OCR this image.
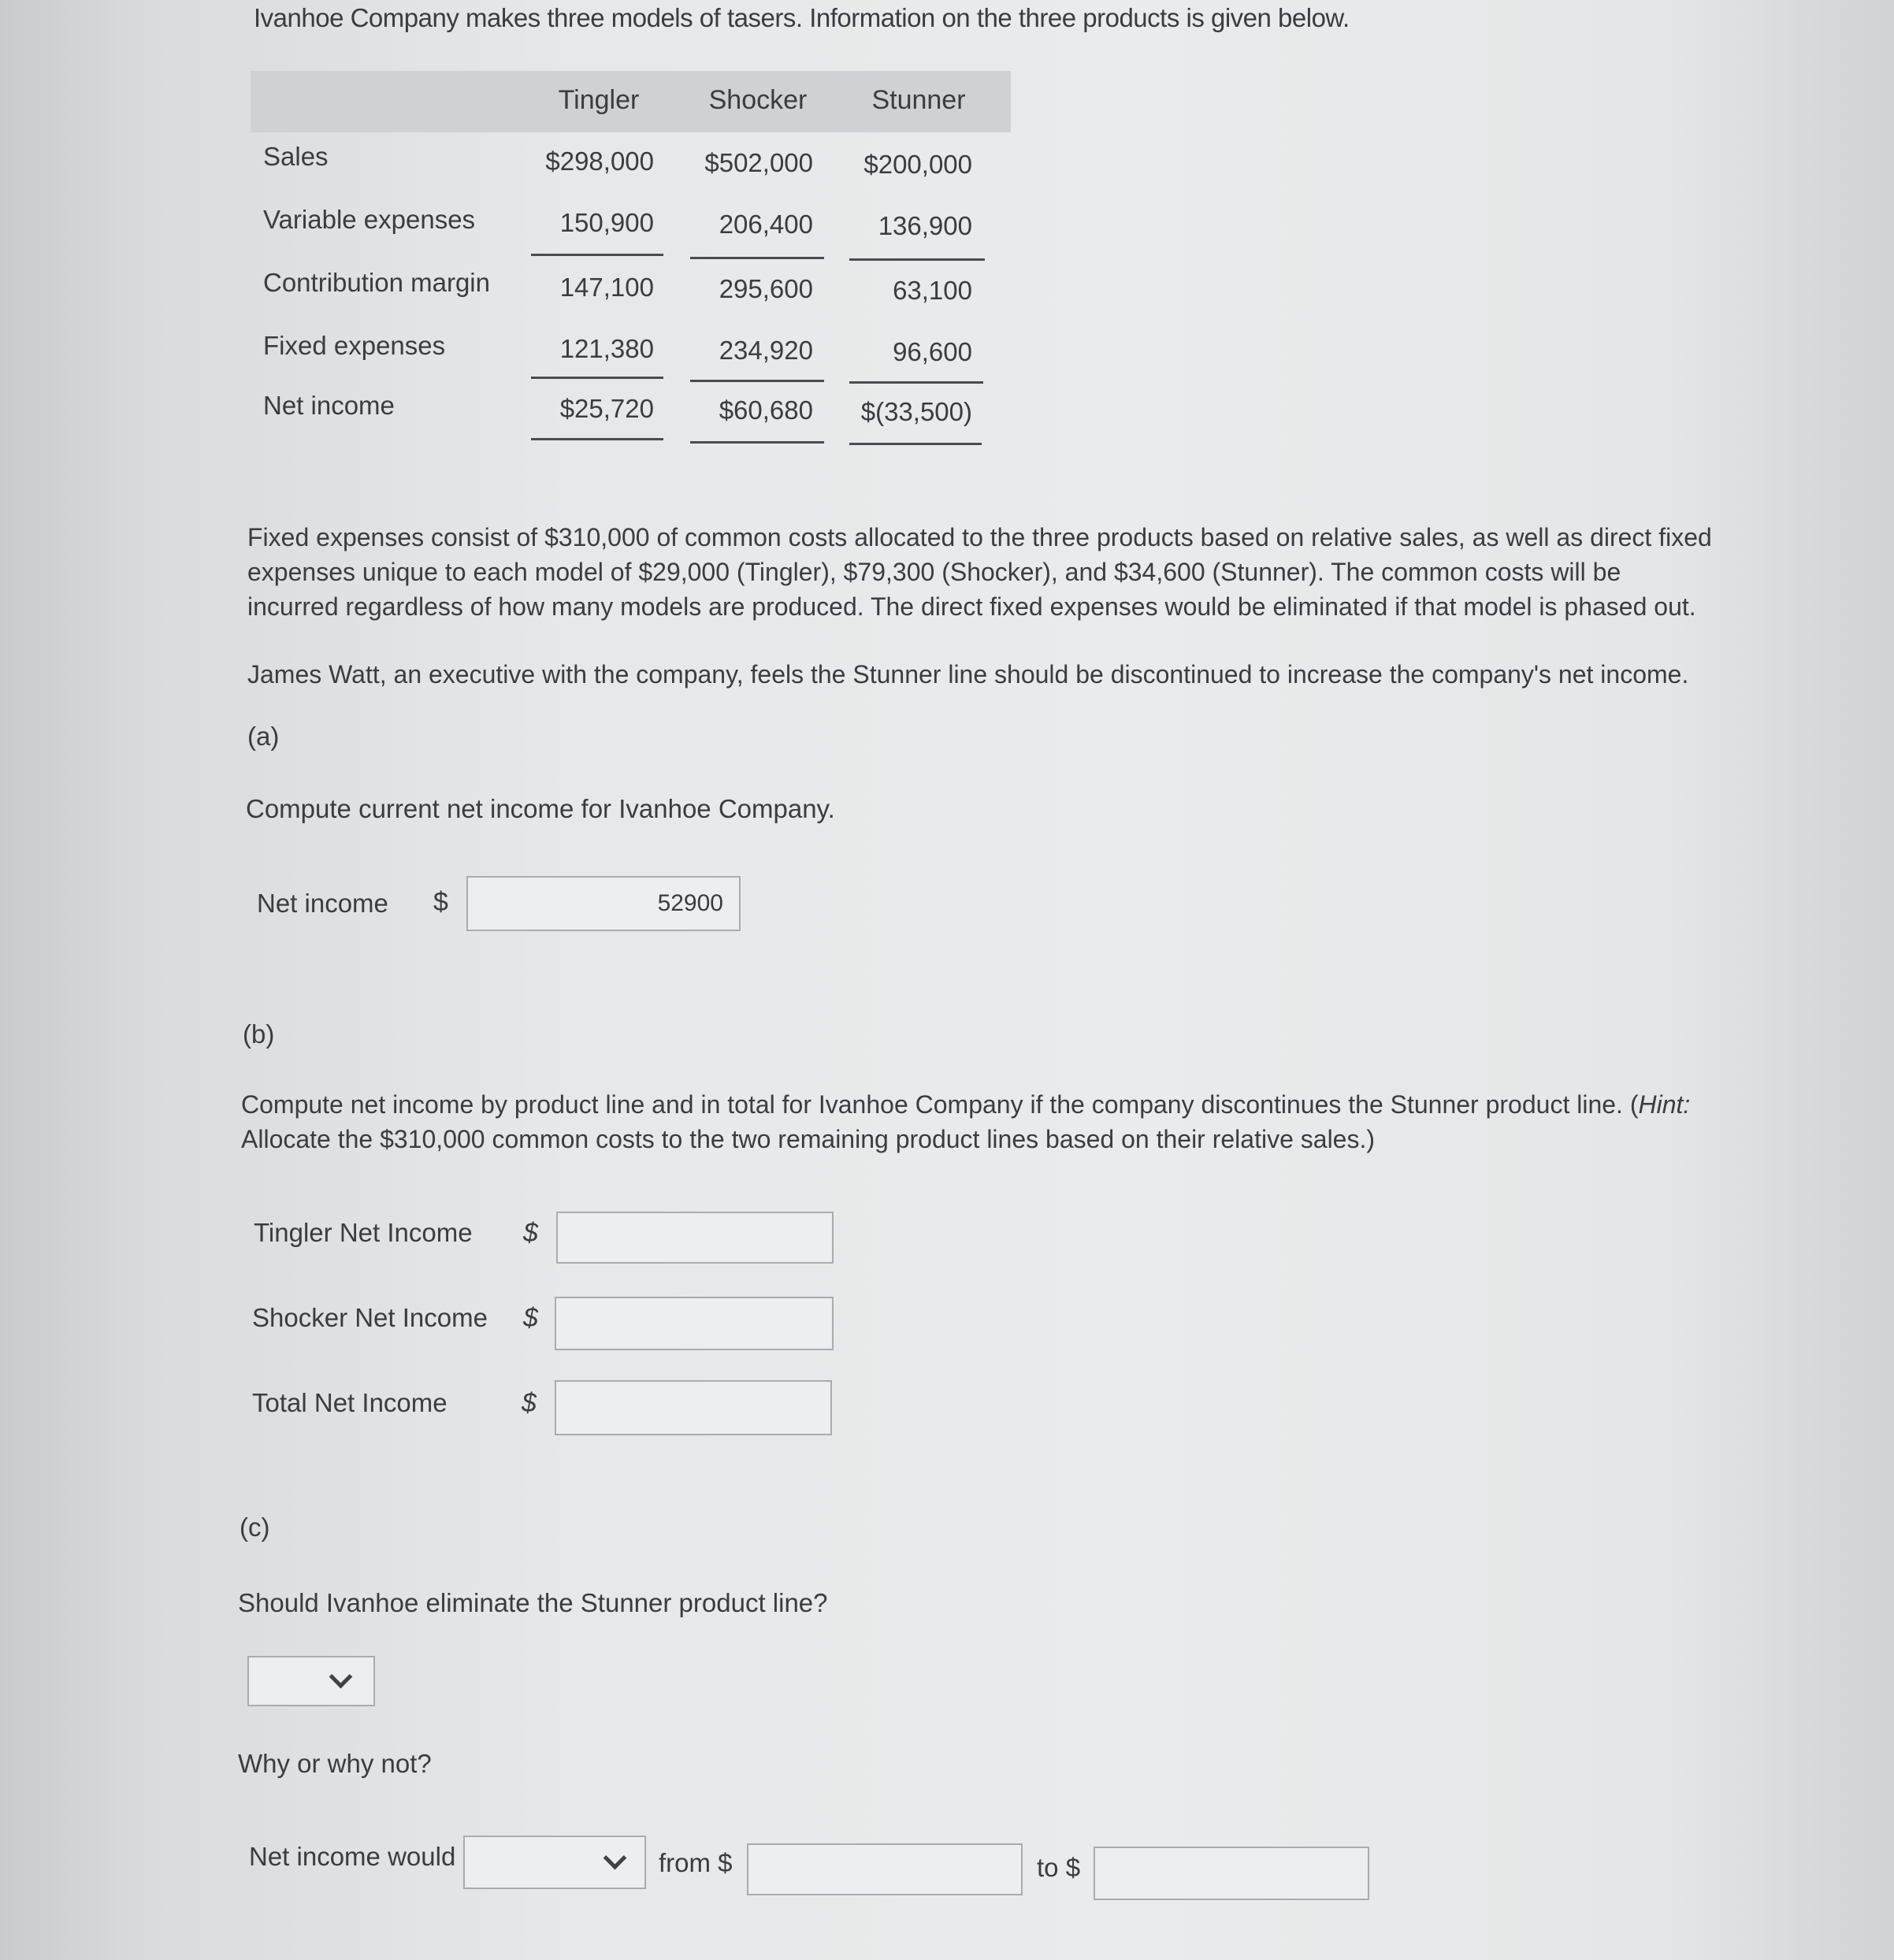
Ivanhoe Company makes three models of tasers. Information on the three products is given below.
Tingler	Shocker	Stunner
Sales	$298,000	$502,000	$200,000
Variable expenses	150,900	206,400	136,900
Contribution margin	147,100	295,600	63,100
Fixed expenses	121,380	234,920	96,600
Net income	$25,720	$60,680	$(33,500)
Fixed expenses consist of $310,000 of common costs allocated to the three products based on relative sales, as well as direct fixed expenses unique to each model of $29,000 (Tingler), $79,300 (Shocker), and $34,600 (Stunner). The common costs will be incurred regardless of how many models are produced. The direct fixed expenses would be eliminated if that model is phased out.
James Watt, an executive with the company, feels the Stunner line should be discontinued to increase the company's net income.
(a)
Compute current net income for Ivanhoe Company.
Net income $
52900
(b)
Compute net income by product line and in total for Ivanhoe Company if the company discontinues the Stunner product line. (Hint: Allocate the $310,000 common costs to the two remaining product lines based on their relative sales.)
Tingler Net Income $
Shocker Net Income $
Total Net Income	$
(c)
Should Ivanhoe eliminate the Stunner product line?
Why or why not?
Net income would	from $	to $
